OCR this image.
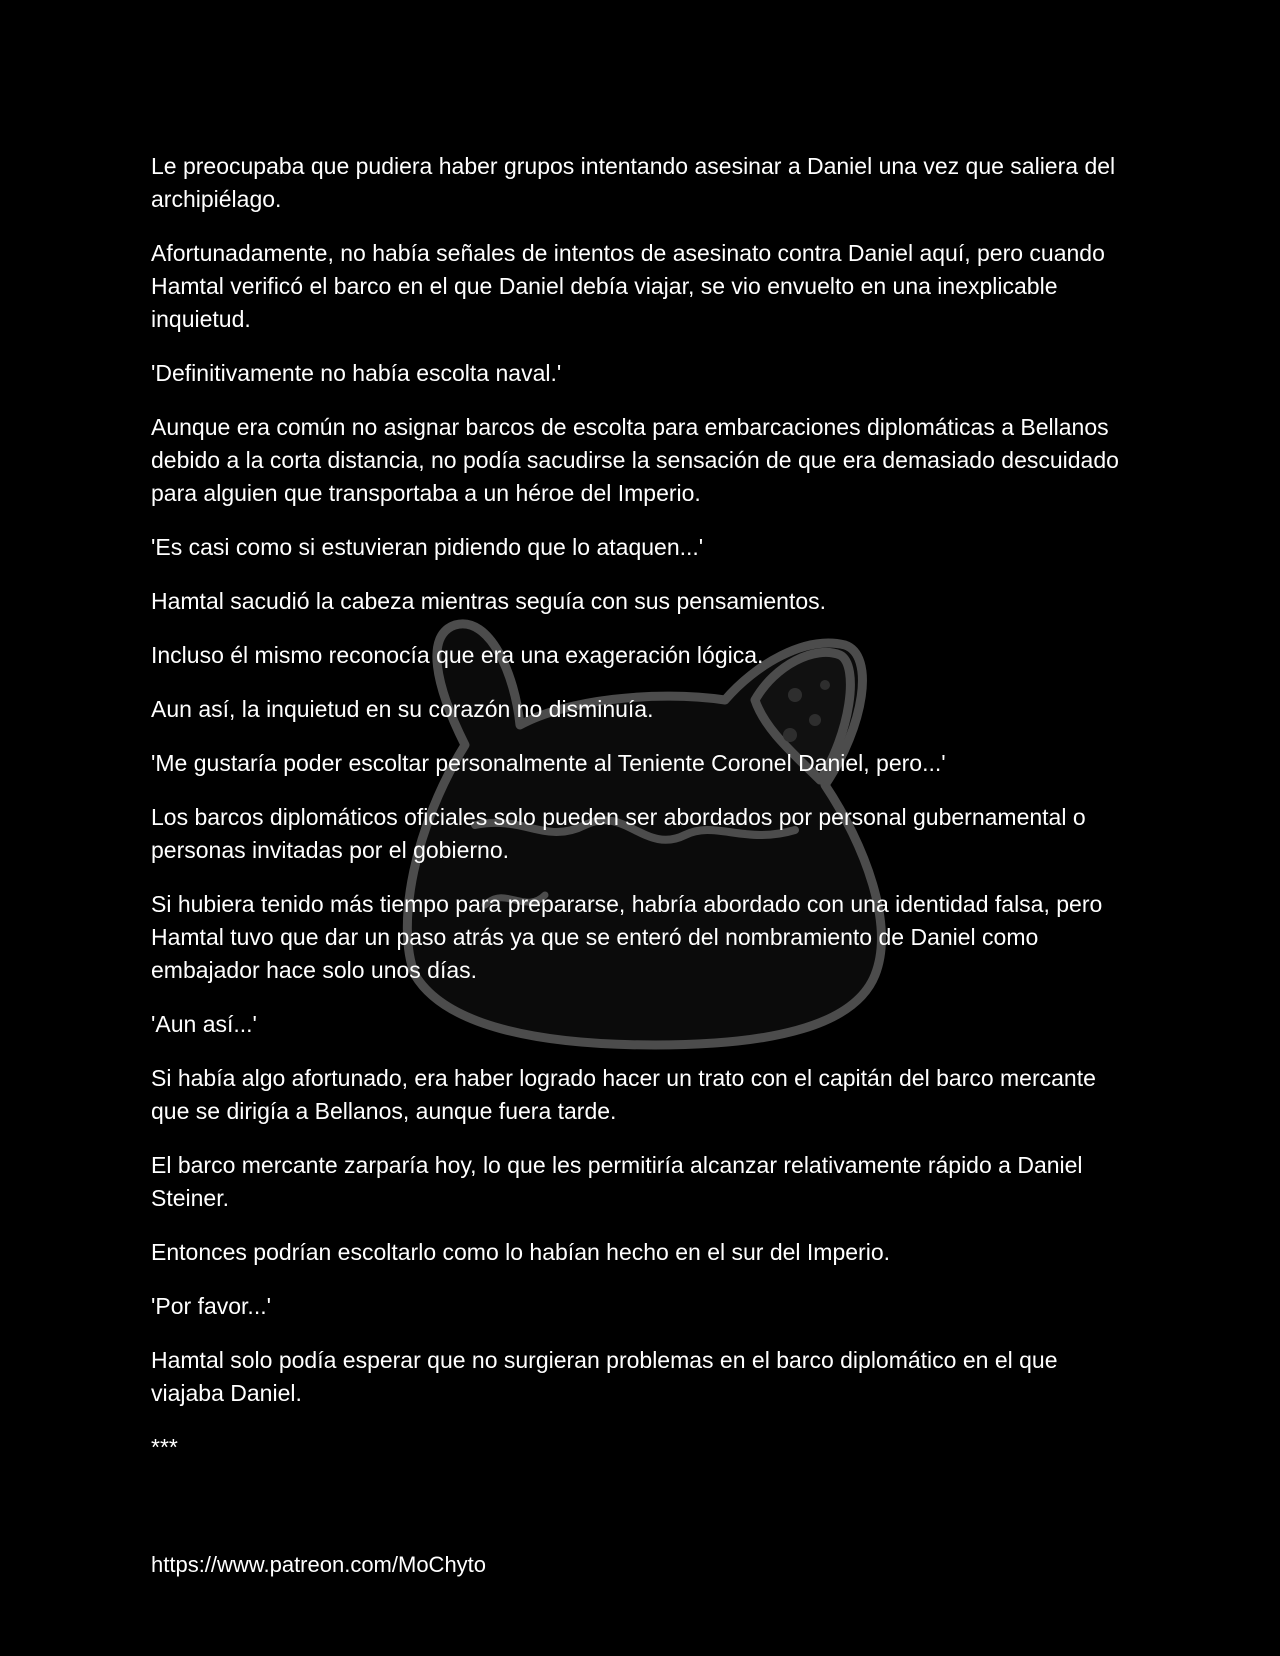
Le preocupaba que pudiera haber grupos intentando asesinar a Daniel una vez que saliera del archipiélago.

Afortunadamente, no había señales de intentos de asesinato contra Daniel aquí, pero cuando Hamtal verificó el barco en el que Daniel debía viajar, se vio envuelto en una inexplicable inquietud.

'Definitivamente no había escolta naval.'

Aunque era común no asignar barcos de escolta para embarcaciones diplomáticas a Bellanos debido a la corta distancia, no podía sacudirse la sensación de que era demasiado descuidado para alguien que transportaba a un héroe del Imperio.

'Es casi como si estuvieran pidiendo que lo ataquen...'

Hamtal sacudió la cabeza mientras seguía con sus pensamientos.

Incluso él mismo reconocía que era una exageración lógica.

Aun así, la inquietud en su corazón no disminuía.

'Me gustaría poder escoltar personalmente al Teniente Coronel Daniel, pero...'

Los barcos diplomáticos oficiales solo pueden ser abordados por personal gubernamental o personas invitadas por el gobierno.

Si hubiera tenido más tiempo para prepararse, habría abordado con una identidad falsa, pero Hamtal tuvo que dar un paso atrás ya que se enteró del nombramiento de Daniel como embajador hace solo unos días.

'Aun así...'

Si había algo afortunado, era haber logrado hacer un trato con el capitán del barco mercante que se dirigía a Bellanos, aunque fuera tarde.

El barco mercante zarparía hoy, lo que les permitiría alcanzar relativamente rápido a Daniel Steiner.

Entonces podrían escoltarlo como lo habían hecho en el sur del Imperio.

'Por favor...'

Hamtal solo podía esperar que no surgieran problemas en el barco diplomático en el que viajaba Daniel.

***

https://www.patreon.com/MoChyto
